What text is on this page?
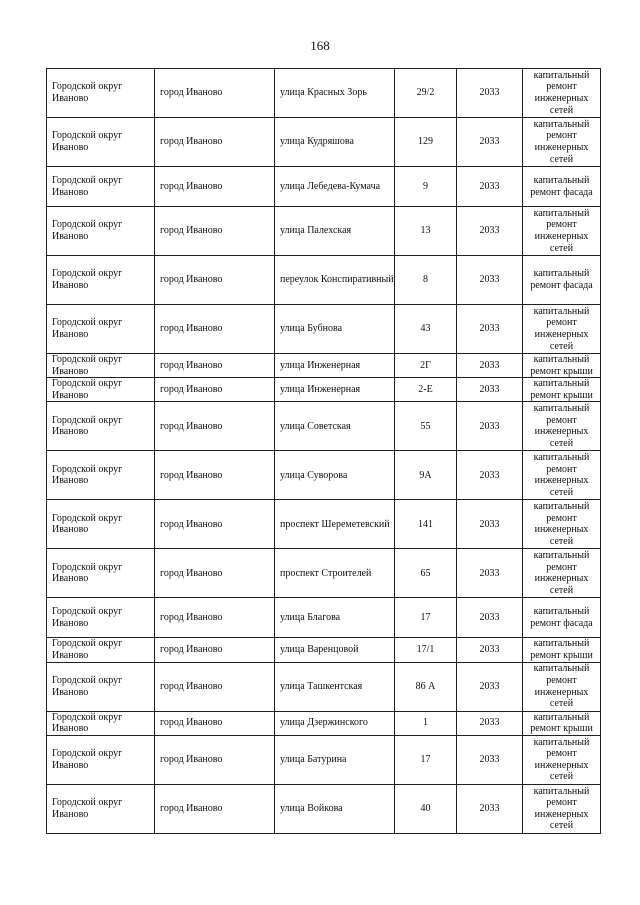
168
Городской округ Иваново	город Иваново	улица Красных Зорь	29/2	2033	капитальный ремонт инженерных сетей
Городской округ Иваново	город Иваново	улица Кудряшова	129	2033	капитальный ремонт инженерных сетей
Городской округ Иваново	город Иваново	улица Лебедева-Кумача	9	2033	капитальный ремонт фасада
Городской округ Иваново	город Иваново	улица Палехская	13	2033	капитальный ремонт инженерных сетей
Городской округ Иваново	город Иваново	переулок Конспиративный	8	2033	капитальный ремонт фасада
Городской округ Иваново	город Иваново	улица Бубнова	43	2033	капитальный ремонт инженерных сетей
Городской округ Иваново	город Иваново	улица Инженерная	2Г	2033	капитальный ремонт крыши
Городской округ Иваново	город Иваново	улица Инженерная	2-Е	2033	капитальный ремонт крыши
Городской округ Иваново	город Иваново	улица Советская	55	2033	капитальный ремонт инженерных сетей
Городской округ Иваново	город Иваново	улица Суворова	9А	2033	капитальный ремонт инженерных сетей
Городской округ Иваново	город Иваново	проспект Шереметевский	141	2033	капитальный ремонт инженерных сетей
Городской округ Иваново	город Иваново	проспект Строителей	65	2033	капитальный ремонт инженерных сетей
Городской округ Иваново	город Иваново	улица Благова	17	2033	капитальный ремонт фасада
Городской округ Иваново	город Иваново	улица Варенцовой	17/1	2033	капитальный ремонт крыши
Городской округ Иваново	город Иваново	улица Ташкентская	86 А	2033	капитальный ремонт инженерных сетей
Городской округ Иваново	город Иваново	улица Дзержинского	1	2033	капитальный ремонт крыши
Городской округ Иваново	город Иваново	улица Батурина	17	2033	капитальный ремонт инженерных сетей
Городской округ Иваново	город Иваново	улица Войкова	40	2033	капитальный ремонт инженерных сетей
